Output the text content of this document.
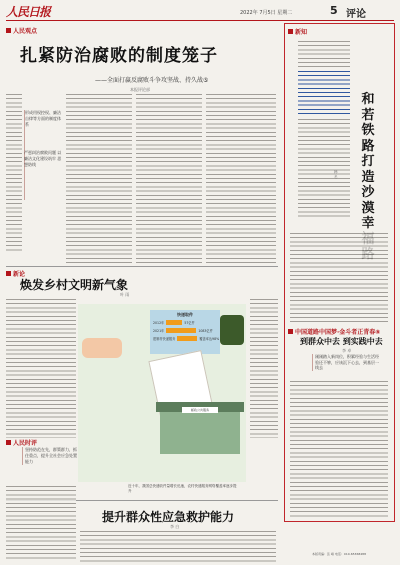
人民日报	2022年 7月5日 星期二	5 评论
人民观点
扎紧防治腐败的制度笼子
——全面打赢反腐败斗争攻坚战、持久战⑤
本报评论部
形成用权控权、廉洁自律等方面的制度体系
严惩纠治腐败问题 以廉洁文化建设筑牢 思想防线
新论
焕发乡村文明新气象
叶 雨
快递取件
2012年	57亿件
2021年	1083亿件
建制村快递服务	覆盖率达98%
邮政公共服务
近十年，我国总快递收件量增长迅速，农村快递服务网络覆盖率逐步提升
人民时评
坚持防范在先，群策群力，抓住重点，提升全社会应急处置能力
提升群众性应急救护能力
李 白
新知
和若铁路打造沙漠幸
韩 冬
中国道路中国梦·金斗者正青春⑧
到群众中去 到实践中去
李 卓
刚刚踏入新岗位，积累经验与生活经验还不够，应该沉下心去，到基层一线去
本版责编：张 峰 电话：010-65368488
